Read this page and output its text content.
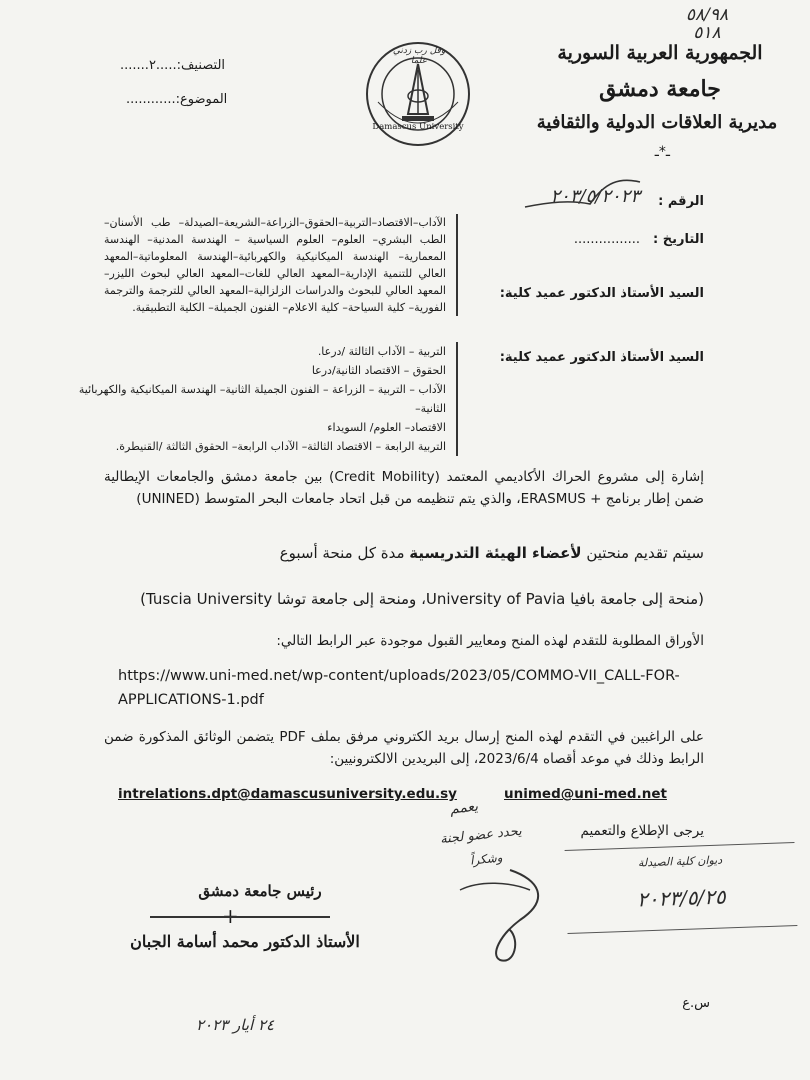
٥٨/٩٨
٥١٨
الجمهورية العربية السورية
جامعة دمشق
مديرية العلاقات الدولية والثقافية
ـ*ـ
وقل رب زدني علما
Damascus University
التصنيف:.....٢.......
الموضوع:............
الرقم :
٢٠٣/٥/٢٠٢٣
التاريخ :
................
السيد الأستاذ الدكتور عميد كلية:
الآداب–الاقتصاد–التربية–الحقوق–الزراعة–الشريعة–الصيدلة– طب الأسنان–الطب البشري– العلوم– العلوم السياسية – الهندسة المدنية– الهندسة المعمارية– الهندسة الميكانيكية والكهربائية–الهندسة المعلوماتية–المعهد العالي للتنمية الإدارية–المعهد العالي للغات–المعهد العالي لبحوث الليزر– المعهد العالي للبحوث والدراسات الزلزالية–المعهد العالي للترجمة والترجمة الفورية– كلية السياحة– كلية الاعلام– الفنون الجميلة– الكلية التطبيقية.
السيد الأستاذ الدكتور عميد كلية:
التربية – الآداب الثالثة /درعا.
الحقوق – الاقتصاد الثانية/درعا
الآداب – التربية – الزراعة – الفنون الجميلة الثانية– الهندسة الميكانيكية والكهربائية الثانية–
الاقتصاد– العلوم/ السويداء
التربية الرابعة – الاقتصاد الثالثة– الآداب الرابعة– الحقوق الثالثة /القنيطرة.
إشارة إلى مشروع الحراك الأكاديمي المعتمد (Credit Mobility) بين جامعة دمشق والجامعات الإيطالية ضمن إطار برنامج + ERASMUS، والذي يتم تنظيمه من قبل اتحاد جامعات البحر المتوسط (UNINED)
سيتم تقديم منحتين لأعضاء الهيئة التدريسية مدة كل منحة أسبوع
(منحة إلى جامعة بافيا University of Pavia، ومنحة إلى جامعة توشا Tuscia University)
الأوراق المطلوبة للتقدم لهذه المنح ومعايير القبول موجودة عبر الرابط التالي:
https://www.uni-med.net/wp-content/uploads/2023/05/COMMO-VII_CALL-FOR-
APPLICATIONS-1.pdf
على الراغبين في التقدم لهذه المنح إرسال بريد الكتروني مرفق بملف PDF يتضمن الوثائق المذكورة ضمن الرابط وذلك في موعد أقصاه 2023/6/4، إلى البريدين الالكترونيين:
intrelations.dpt@damascusuniversity.edu.sy	unimed@uni-med.net
يرجى الإطلاع والتعميم
يعمم
يحدد عضو لجنة
وشكراً	ديوان كلية الصيدلة
٢٠٢٣/٥/٢٥
رئيس جامعة دمشق
+
الأستاذ الدكتور محمد أسامة الجبان
س.ع
٢٤ أيار ٢٠٢٣
